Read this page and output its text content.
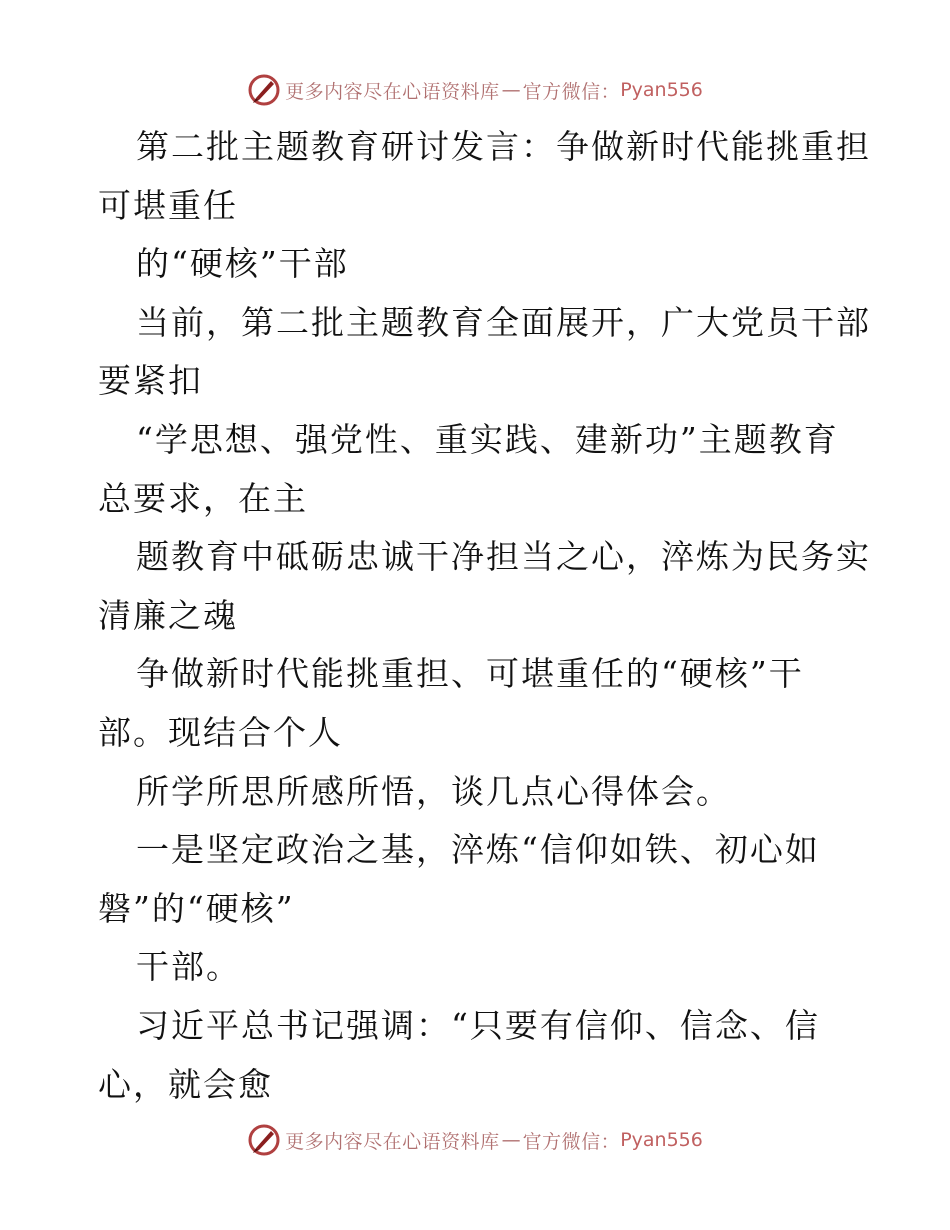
更多内容尽在心语资料库 — 官方微信： Pyan556
第二批主题教育研讨发言：争做新时代能挑重担
可堪重任
的“硬核”干部
当前，第二批主题教育全面展开，广大党员干部
要紧扣
“学思想、强党性、重实践、建新功”主题教育
总要求，在主
题教育中砥砺忠诚干净担当之心，淬炼为民务实
清廉之魂
争做新时代能挑重担、可堪重任的“硬核”干
部。现结合个人
所学所思所感所悟，谈几点心得体会。
一是坚定政治之基，淬炼“信仰如铁、初心如
磐”的“硬核”
干部。
习近平总书记强调：“只要有信仰、信念、信
心，就会愈
更多内容尽在心语资料库 — 官方微信： Pyan556
